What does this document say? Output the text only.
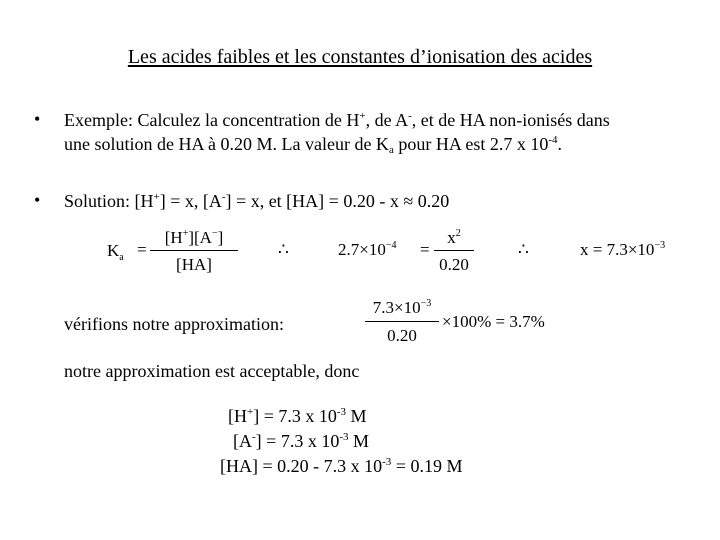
Les acides faibles et les constantes d’ionisation des acides
• Exemple: Calculez la concentration de H+, de A-, et de HA non-ionisés dans
une solution de HA à 0.20 M. La valeur de $K_a$ pour HA est 2.7 x $10^{-4}$.
• Solution: [H+] = x, [A-] = x, et [HA] = 0.20 - x ≈ 0.20
$K_a$ =
[H+][A−]
[HA]
∴	$2.7\times 10^{-4}$ =
$x^2$
0.20
∴	$x = 7.3\times 10^{-3}$
vérifions notre approximation:
$7.3\times 10^{-3}$
0.20
×100% = 3.7%
notre approximation est acceptable, donc
[H+] = 7.3 x $10^{-3}$ M
[A-] = 7.3 x $10^{-3}$ M
[HA] = 0.20 - 7.3 x $10^{-3} = 0.19$ M
